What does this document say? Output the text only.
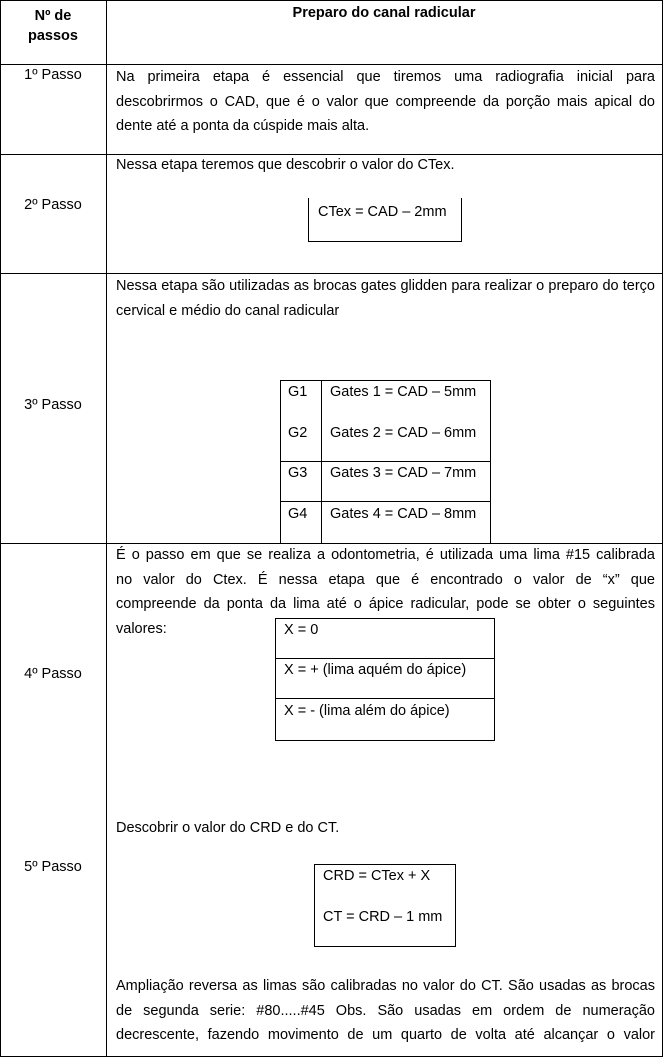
Nº de
passos
Preparo do canal radicular
1º Passo	Na primeira etapa é essencial que tiremos uma radiografia inicial para descobrirmos o CAD, que é o valor que compreende da porção mais apical do dente até a ponta da cúspide mais alta.
2º Passo
Nessa etapa teremos que descobrir o valor do CTex.
CTex = CAD – 2mm
3º Passo
Nessa etapa são utilizadas as brocas gates glidden para realizar o preparo do terço cervical e médio do canal radicular
G1 Gates 1 = CAD – 5mm
G2 Gates 2 = CAD – 6mm
G3 Gates 3 = CAD – 7mm
G4 Gates 4 = CAD – 8mm
4º Passo
É o passo em que se realiza a odontometria, é utilizada uma lima #15 calibrada
no valor do Ctex. É nessa etapa que é encontrado o valor de “x” que
compreende da ponta da lima até o ápice radicular, pode se obter o seguintes
valores:	X = 0
X = + (lima aquém do ápice)
X = - (lima além do ápice)
5º Passo
Descobrir o valor do CRD e do CT.
CRD = CTex + X
CT = CRD – 1 mm
Ampliação reversa as limas são calibradas no valor do CT. São usadas as brocas de segunda serie: #80.....#45 Obs. São usadas em ordem de numeração decrescente, fazendo movimento de um quarto de volta até alcançar o valor
